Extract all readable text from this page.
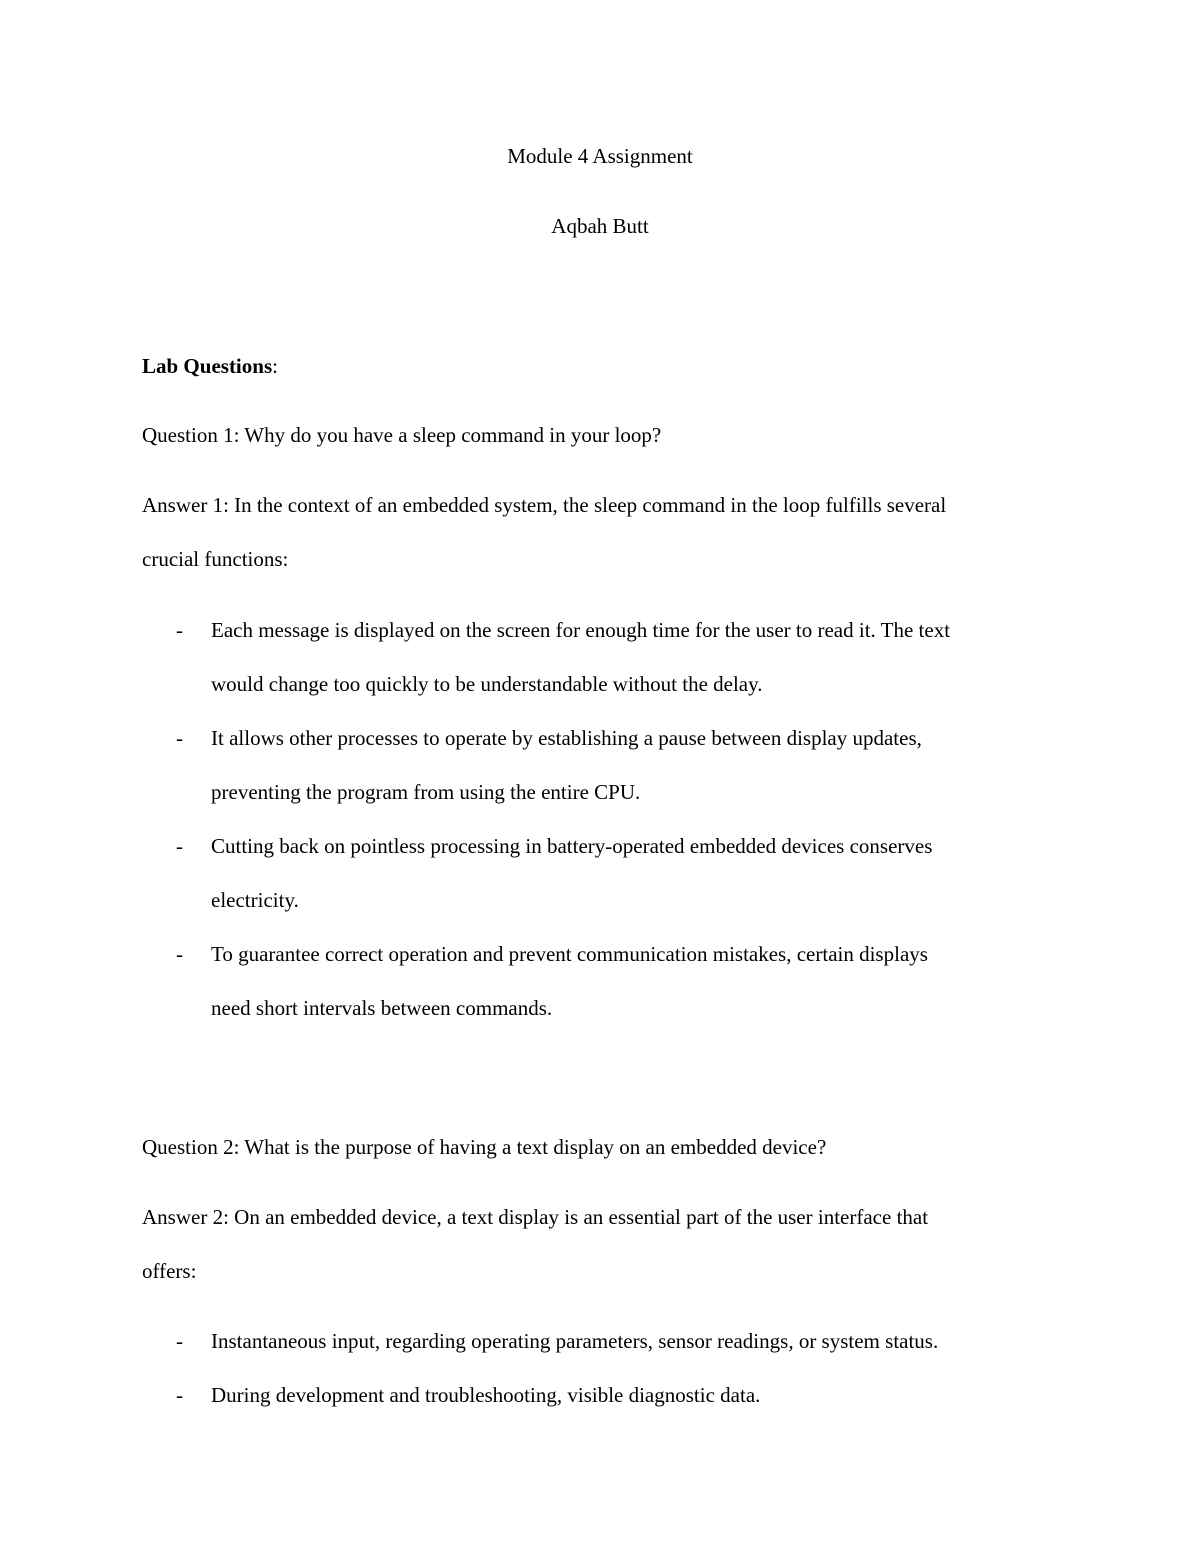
Module 4 Assignment
Aqbah Butt
Lab Questions:
Question 1: Why do you have a sleep command in your loop?
Answer 1: In the context of an embedded system, the sleep command in the loop fulfills several
crucial functions:
- Each message is displayed on the screen for enough time for the user to read it. The text
would change too quickly to be understandable without the delay.
- It allows other processes to operate by establishing a pause between display updates,
preventing the program from using the entire CPU.
- Cutting back on pointless processing in battery-operated embedded devices conserves
electricity.
- To guarantee correct operation and prevent communication mistakes, certain displays
need short intervals between commands.
Question 2: What is the purpose of having a text display on an embedded device?
Answer 2: On an embedded device, a text display is an essential part of the user interface that
offers:
- Instantaneous input, regarding operating parameters, sensor readings, or system status.
- During development and troubleshooting, visible diagnostic data.
